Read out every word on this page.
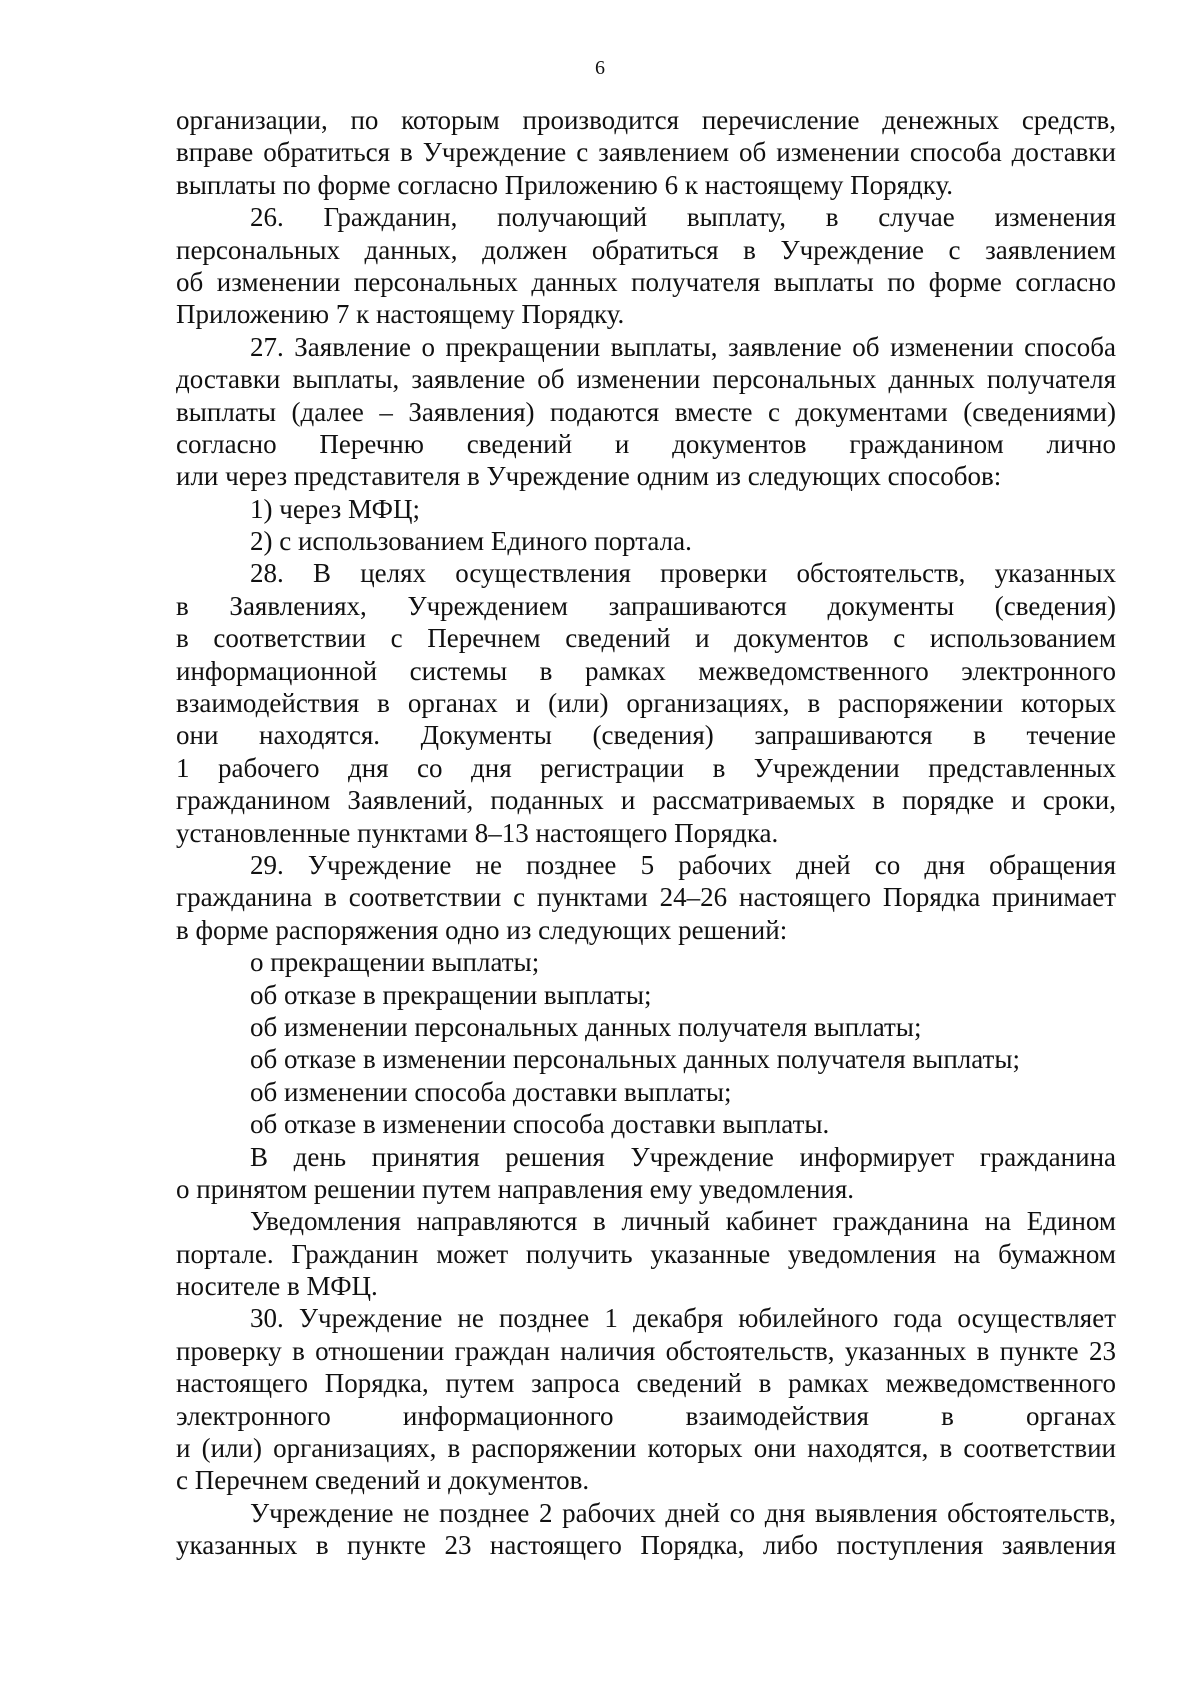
6
организации, по которым производится перечисление денежных средств,
вправе обратиться в Учреждение с заявлением об изменении способа доставки
выплаты по форме согласно Приложению 6 к настоящему Порядку.
26. Гражданин, получающий выплату, в случае изменения
персональных данных, должен обратиться в Учреждение с заявлением
об изменении персональных данных получателя выплаты по форме согласно
Приложению 7 к настоящему Порядку.
27. Заявление о прекращении выплаты, заявление об изменении способа
доставки выплаты, заявление об изменении персональных данных получателя
выплаты (далее – Заявления) подаются вместе с документами (сведениями)
согласно Перечню сведений и документов гражданином лично
или через представителя в Учреждение одним из следующих способов:
1) через МФЦ;
2) с использованием Единого портала.
28. В целях осуществления проверки обстоятельств, указанных
в Заявлениях, Учреждением запрашиваются документы (сведения)
в соответствии с Перечнем сведений и документов с использованием
информационной системы в рамках межведомственного электронного
взаимодействия в органах и (или) организациях, в распоряжении которых
они находятся. Документы (сведения) запрашиваются в течение
1 рабочего дня со дня регистрации в Учреждении представленных
гражданином Заявлений, поданных и рассматриваемых в порядке и сроки,
установленные пунктами 8–13 настоящего Порядка.
29. Учреждение не позднее 5 рабочих дней со дня обращения
гражданина в соответствии с пунктами 24–26 настоящего Порядка принимает
в форме распоряжения одно из следующих решений:
о прекращении выплаты;
об отказе в прекращении выплаты;
об изменении персональных данных получателя выплаты;
об отказе в изменении персональных данных получателя выплаты;
об изменении способа доставки выплаты;
об отказе в изменении способа доставки выплаты.
В день принятия решения Учреждение информирует гражданина
о принятом решении путем направления ему уведомления.
Уведомления направляются в личный кабинет гражданина на Едином
портале. Гражданин может получить указанные уведомления на бумажном
носителе в МФЦ.
30. Учреждение не позднее 1 декабря юбилейного года осуществляет
проверку в отношении граждан наличия обстоятельств, указанных в пункте 23
настоящего Порядка, путем запроса сведений в рамках межведомственного
электронного информационного взаимодействия в органах
и (или) организациях, в распоряжении которых они находятся, в соответствии
с Перечнем сведений и документов.
Учреждение не позднее 2 рабочих дней со дня выявления обстоятельств,
указанных в пункте 23 настоящего Порядка, либо поступления заявления
